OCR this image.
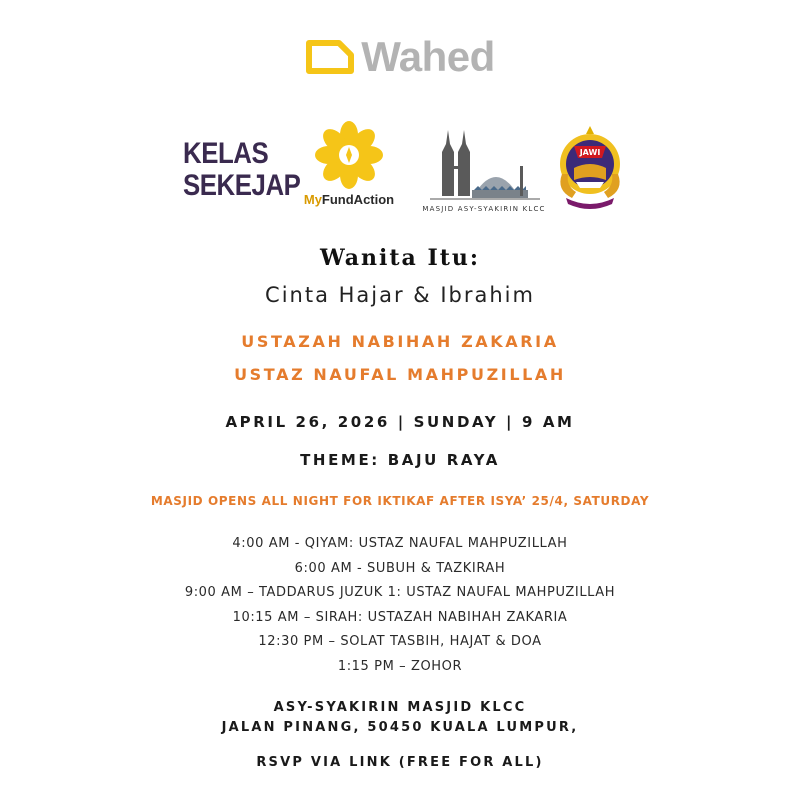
Wahed
KELAS
SEKEJAP MyFundAction
MASJID ASY-SYAKIRIN KLCC
JAWI
Wanita Itu:
Cinta Hajar & Ibrahim
USTAZAH NABIHAH ZAKARIA
USTAZ NAUFAL MAHPUZILLAH
APRIL 26, 2026 | SUNDAY | 9 AM
THEME: BAJU RAYA
MASJID OPENS ALL NIGHT FOR IKTIKAF AFTER ISYA’ 25/4, SATURDAY
4:00 AM - QIYAM: USTAZ NAUFAL MAHPUZILLAH
6:00 AM - SUBUH & TAZKIRAH
9:00 AM – TADDARUS JUZUK 1: USTAZ NAUFAL MAHPUZILLAH
10:15 AM – SIRAH: USTAZAH NABIHAH ZAKARIA
12:30 PM – SOLAT TASBIH, HAJAT & DOA
1:15 PM – ZOHOR
ASY-SYAKIRIN MASJID KLCC
JALAN PINANG, 50450 KUALA LUMPUR,
RSVP VIA LINK (FREE FOR ALL)
